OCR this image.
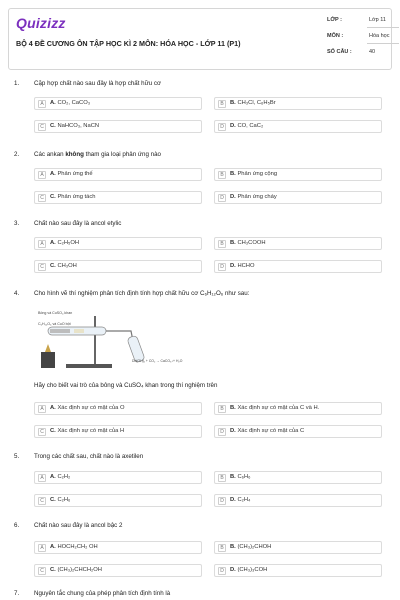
Quizizz
BỘ 4 ĐỀ CƯƠNG ÔN TẬP HỌC KÌ 2 MÔN: HÓA HỌC - LỚP 11 (P1)
LỚP :	Lớp 11
MÔN :	Hóa học
SỐ CÂU :	40
1. Cặp hợp chất nào sau đây là hợp chất hữu cơ
A	A. CO₂, CaCO₃	B	B. CH₃Cl, C₆H₅Br
C	C. NaHCO₃, NaCN	D	D. CO, CaC₂
2. Các ankan không tham gia loại phản ứng nào
A	A. Phản ứng thế	B	B. Phản ứng cộng
C	C. Phản ứng tách	D	D. Phản ứng cháy
3. Chất nào sau đây là ancol etylic
A	A. C₂H₅OH	B	B. CH₃COOH
C	C. CH₃OH	D	D. HCHO
4. Cho hình vẽ thí nghiệm phân tích định tính hợp chất hữu cơ C₆H₁₂O₆ như sau:
Bông và CuSO₄ khan
C₆H₁₂O₆ và CuO bột
Dd(OH)₂ + CO₂ → CaCO₃↓+ H₂O
Hãy cho biết vai trò của bông và CuSO₄ khan trong thí nghiệm trên
A	A. Xác định sự có mặt của O	B	B. Xác định sự có mặt của C và H.
C	C. Xác định sự có mặt của H	D	D. Xác định sự có mặt của C
5. Trong các chất sau, chất nào là axetilen
A	A. C₂H₂	B	B. C₆H₆
C	C. C₂H₆	D	D. C₂H₄
6. Chất nào sau đây là ancol bậc 2
A	A. HOCH₂CH₂ OH	B	B. (CH₃)₂CHOH
C	C. (CH₃)₂CHCH₂OH	D	D. (CH₃)₃COH
7. Nguyên tắc chung của phép phân tích định tính là
